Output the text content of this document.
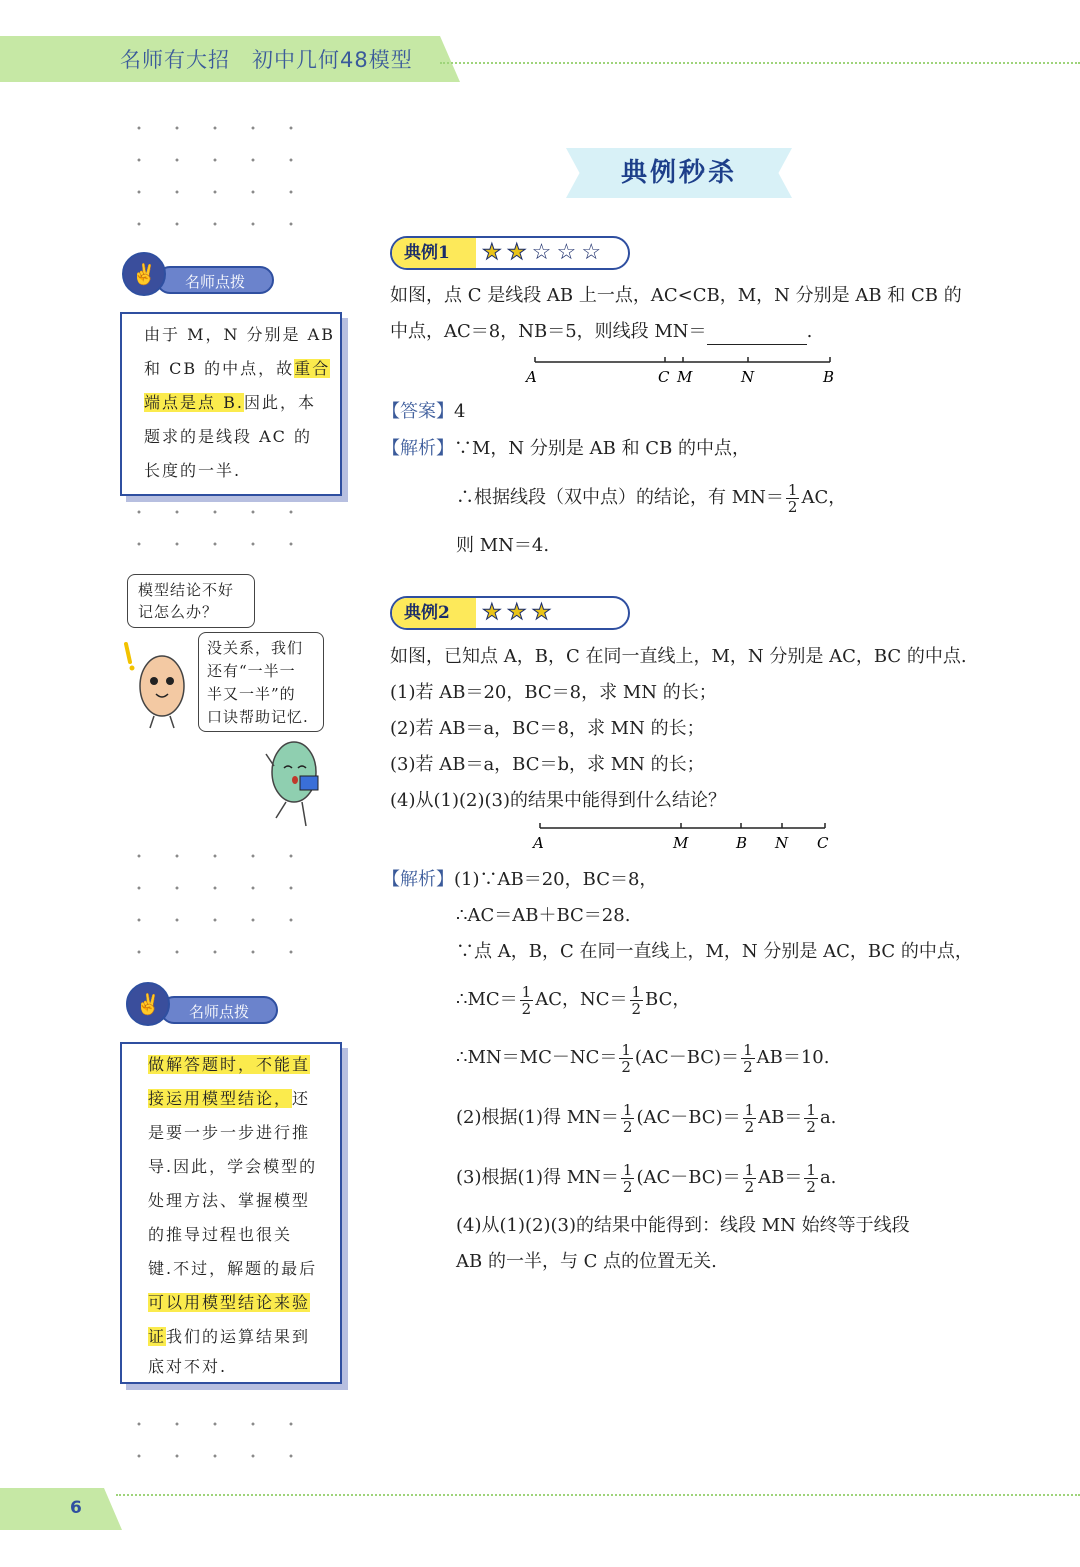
名师有大招　初中几何48模型
典例秒杀
典例1	★ ★ ☆ ☆ ☆
如图，点 C 是线段 AB 上一点，AC<CB，M，N 分别是 AB 和 CB 的
中点，AC＝8，NB＝5，则线段 MN＝	.
A	C M	N	B
【答案】4
【解析】∵M，N 分别是 AB 和 CB 的中点，
∴根据线段（双中点）的结论，有 $MN= \frac{1}{2}$ AC，
则 MN＝4.
典例2	★ ★ ★
如图，已知点 A，B，C 在同一直线上，M，N 分别是 AC，BC 的中点.
(1)若 AB＝20，BC＝8，求 MN 的长；
(2)若 AB＝a，BC＝8，求 MN 的长；
(3)若 AB＝a，BC＝b，求 MN 的长；
(4)从(1)(2)(3)的结果中能得到什么结论？
A	M	B N C
【解析】(1)∵AB＝20，BC＝8，
∴AC＝AB＋BC＝28.
∵点 A，B，C 在同一直线上，M，N 分别是 AC，BC 的中点，
∴MC＝ $\frac{1}{2}$ AC，$NC= \frac{1}{2}$ BC，
∴MN＝MC－NC＝ $\frac{1}{2} (AC-BC)= \frac{1}{2} AB=10$.
(2)根据(1)得 $MN= \frac{1}{2} (AC-BC)= \frac{1}{2} AB= \frac{1}{2} a$.
(3)根据(1)得 $MN= \frac{1}{2} (AC-BC)= \frac{1}{2} AB= \frac{1}{2} a$.
(4)从(1)(2)(3)的结果中能得到：线段 MN 始终等于线段
AB 的一半，与 C 点的位置无关.
由于 M，N 分别是 AB
和 CB 的中点，故重合
端点是点 B.因此，本
题求的是线段 AC 的
长度的一半.
名师点拨
✌
模型结论不好
记怎么办？
没关系，我们
还有“一半一
半又一半”的
口诀帮助记忆.
做解答题时，不能直
接运用模型结论，还
是要一步一步进行推
导.因此，学会模型的
处理方法、掌握模型
的推导过程也很关
键.不过，解题的最后
可以用模型结论来验
证我们的运算结果到
底对不对.
名师点拨
✌
6
